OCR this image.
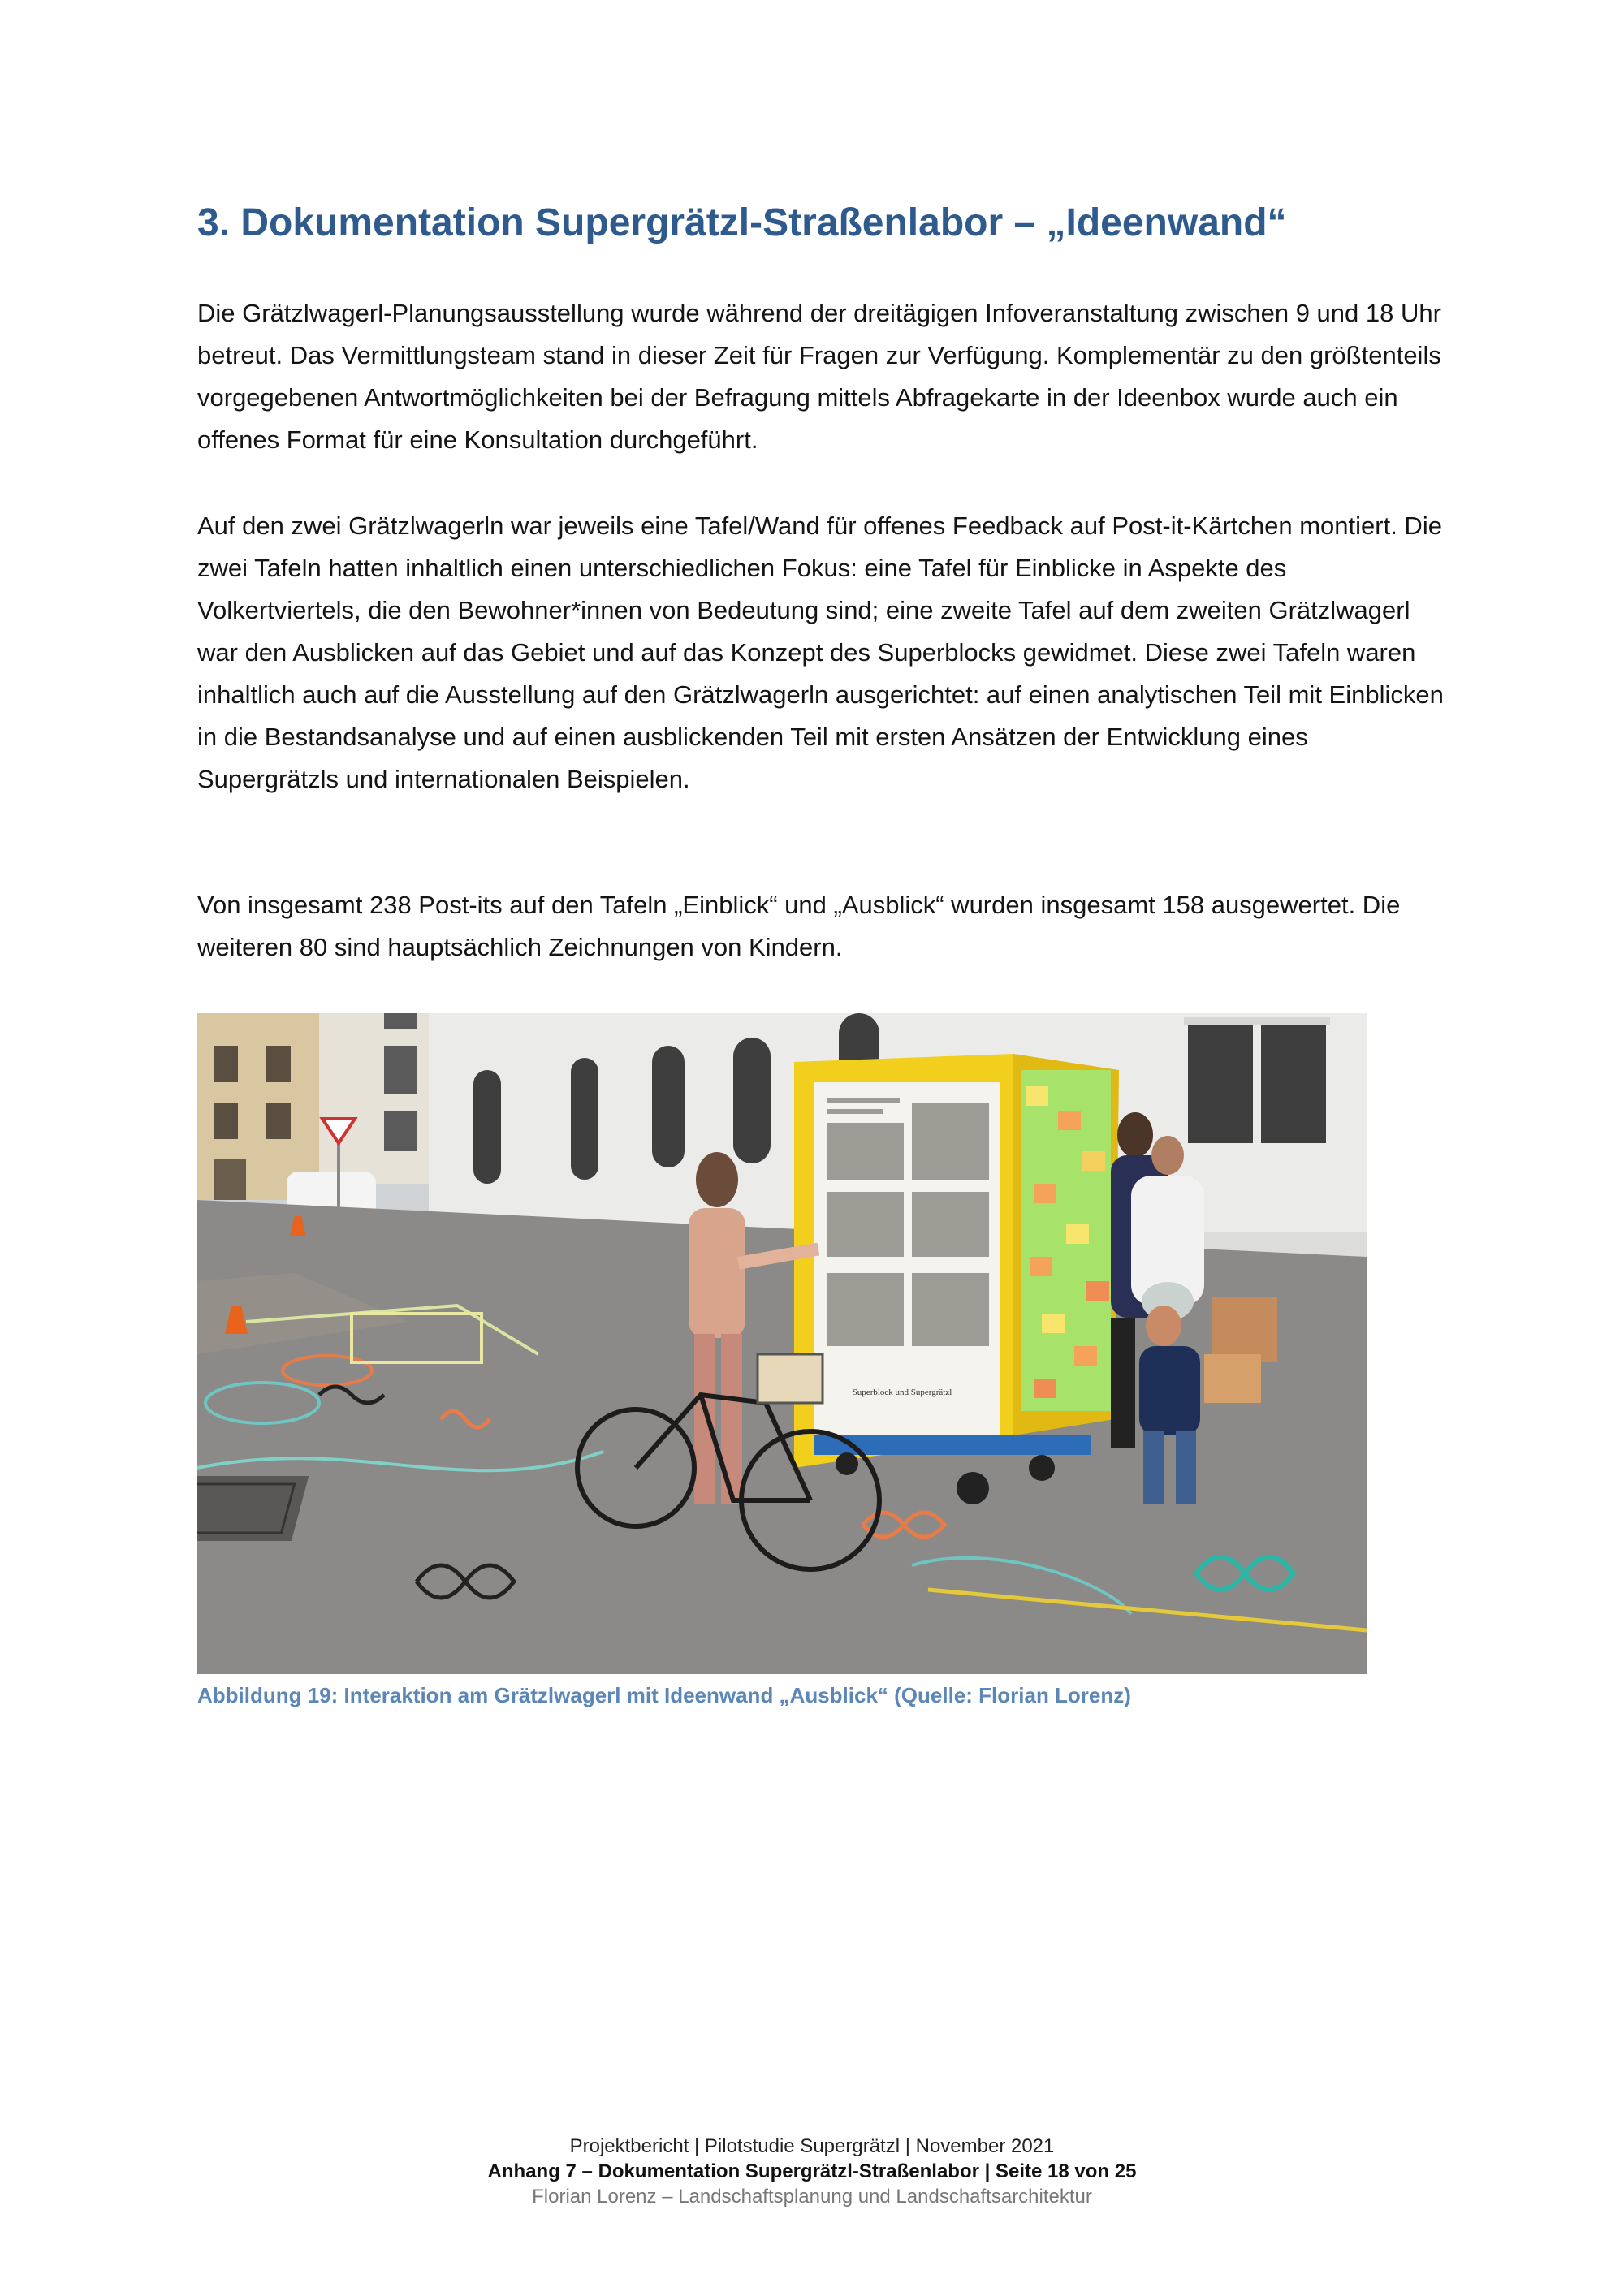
3. Dokumentation Supergrätzl-Straßenlabor – „Ideenwand“

Die Grätzlwagerl-Planungsausstellung wurde während der dreitägigen Infoveranstaltung zwischen 9 und 18 Uhr betreut. Das Vermittlungsteam stand in dieser Zeit für Fragen zur Verfügung. Komplementär zu den größtenteils vorgegebenen Antwortmöglichkeiten bei der Befragung mittels Abfragekarte in der Ideenbox wurde auch ein offenes Format für eine Konsultation durchgeführt.

Auf den zwei Grätzlwagerln war jeweils eine Tafel/Wand für offenes Feedback auf Post-it-Kärtchen montiert. Die zwei Tafeln hatten inhaltlich einen unterschiedlichen Fokus: eine Tafel für Einblicke in Aspekte des Volkertviertels, die den Bewohner*innen von Bedeutung sind; eine zweite Tafel auf dem zweiten Grätzlwagerl war den Ausblicken auf das Gebiet und auf das Konzept des Superblocks gewidmet. Diese zwei Tafeln waren inhaltlich auch auf die Ausstellung auf den Grätzlwagerln ausgerichtet: auf einen analytischen Teil mit Einblicken in die Bestandsanalyse und auf einen ausblickenden Teil mit ersten Ansätzen der Entwicklung eines Supergrätzls und internationalen Beispielen.

Von insgesamt 238 Post-its auf den Tafeln „Einblick“ und „Ausblick“ wurden insgesamt 158 ausgewertet. Die weiteren 80 sind hauptsächlich Zeichnungen von Kindern.

Superblock und Supergrätzl
Abbildung 19: Interaktion am Grätzlwagerl mit Ideenwand „Ausblick“ (Quelle: Florian Lorenz)
Projektbericht | Pilotstudie Supergrätzl | November 2021
Anhang 7 – Dokumentation Supergrätzl-Straßenlabor | Seite 18 von 25
Florian Lorenz – Landschaftsplanung und Landschaftsarchitektur
